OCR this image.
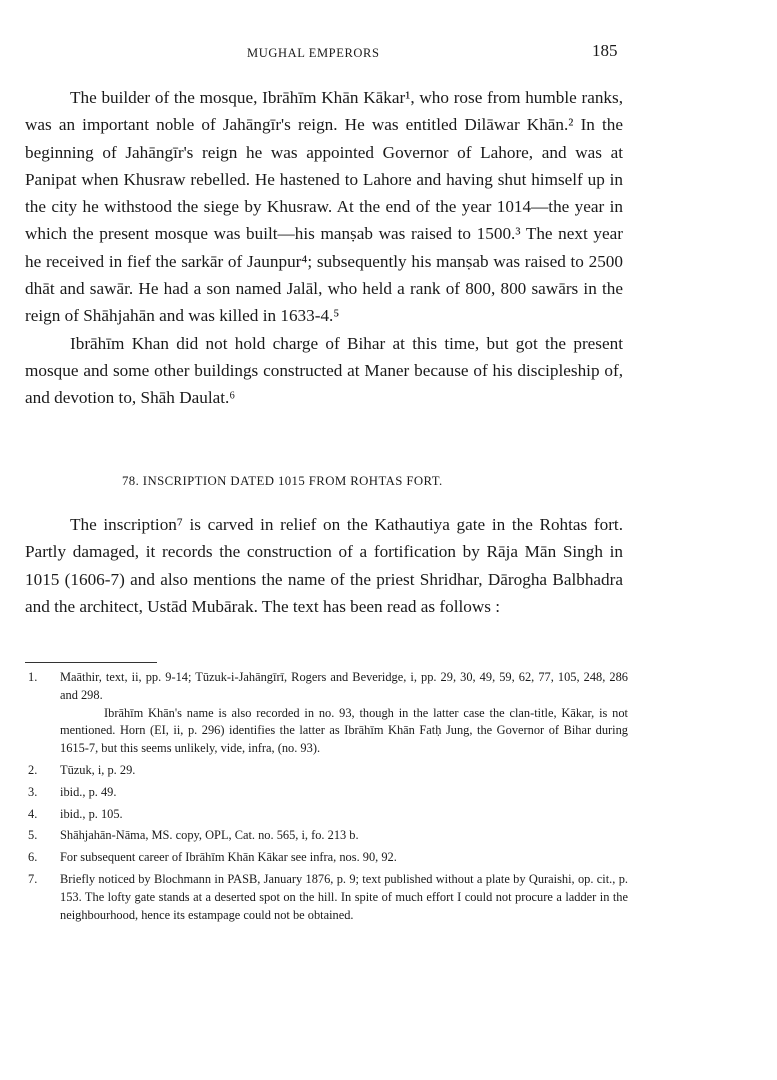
MUGHAL EMPERORS	185

The builder of the mosque, Ibrāhīm Khān Kākar¹, who rose from humble ranks, was an important noble of Jahāngīr's reign. He was entitled Dilāwar Khān.² In the beginning of Jahāngīr's reign he was appointed Governor of Lahore, and was at Panipat when Khusraw rebelled. He hastened to Lahore and having shut himself up in the city he withstood the siege by Khusraw. At the end of the year 1014—the year in which the present mosque was built—his manṣab was raised to 1500.³ The next year he received in fief the sarkār of Jaunpur⁴; subsequently his manṣab was raised to 2500 dhāt and sawār. He had a son named Jalāl, who held a rank of 800, 800 sawārs in the reign of Shāhjahān and was killed in 1633-4.⁵

Ibrāhīm Khan did not hold charge of Bihar at this time, but got the present mosque and some other buildings constructed at Maner because of his discipleship of, and devotion to, Shāh Daulat.⁶

78. INSCRIPTION DATED 1015 FROM ROHTAS FORT.

The inscription⁷ is carved in relief on the Kathautiya gate in the Rohtas fort. Partly damaged, it records the construction of a fortification by Rāja Mān Singh in 1015 (1606-7) and also mentions the name of the priest Shridhar, Dārogha Balbhadra and the architect, Ustād Mubārak. The text has been read as follows :

1.	Maāthir, text, ii, pp. 9-14; Tūzuk-i-Jahāngīrī, Rogers and Beveridge, i, pp. 29, 30, 49, 59, 62, 77, 105, 248, 286 and 298.

Ibrāhīm Khān's name is also recorded in no. 93, though in the latter case the clan-title, Kākar, is not mentioned. Horn (EI, ii, p. 296) identifies the latter as Ibrāhīm Khān Fatḥ Jung, the Governor of Bihar during 1615-7, but this seems unlikely, vide, infra, (no. 93).

2.	Tūzuk, i, p. 29.
3.	ibid., p. 49.
4.	ibid., p. 105.
5.	Shāhjahān-Nāma, MS. copy, OPL, Cat. no. 565, i, fo. 213 b.
6.	For subsequent career of Ibrāhīm Khān Kākar see infra, nos. 90, 92.
7.	Briefly noticed by Blochmann in PASB, January 1876, p. 9; text published without a plate by Quraishi, op. cit., p. 153. The lofty gate stands at a deserted spot on the hill. In spite of much effort I could not procure a ladder in the neighbourhood, hence its estampage could not be obtained.
